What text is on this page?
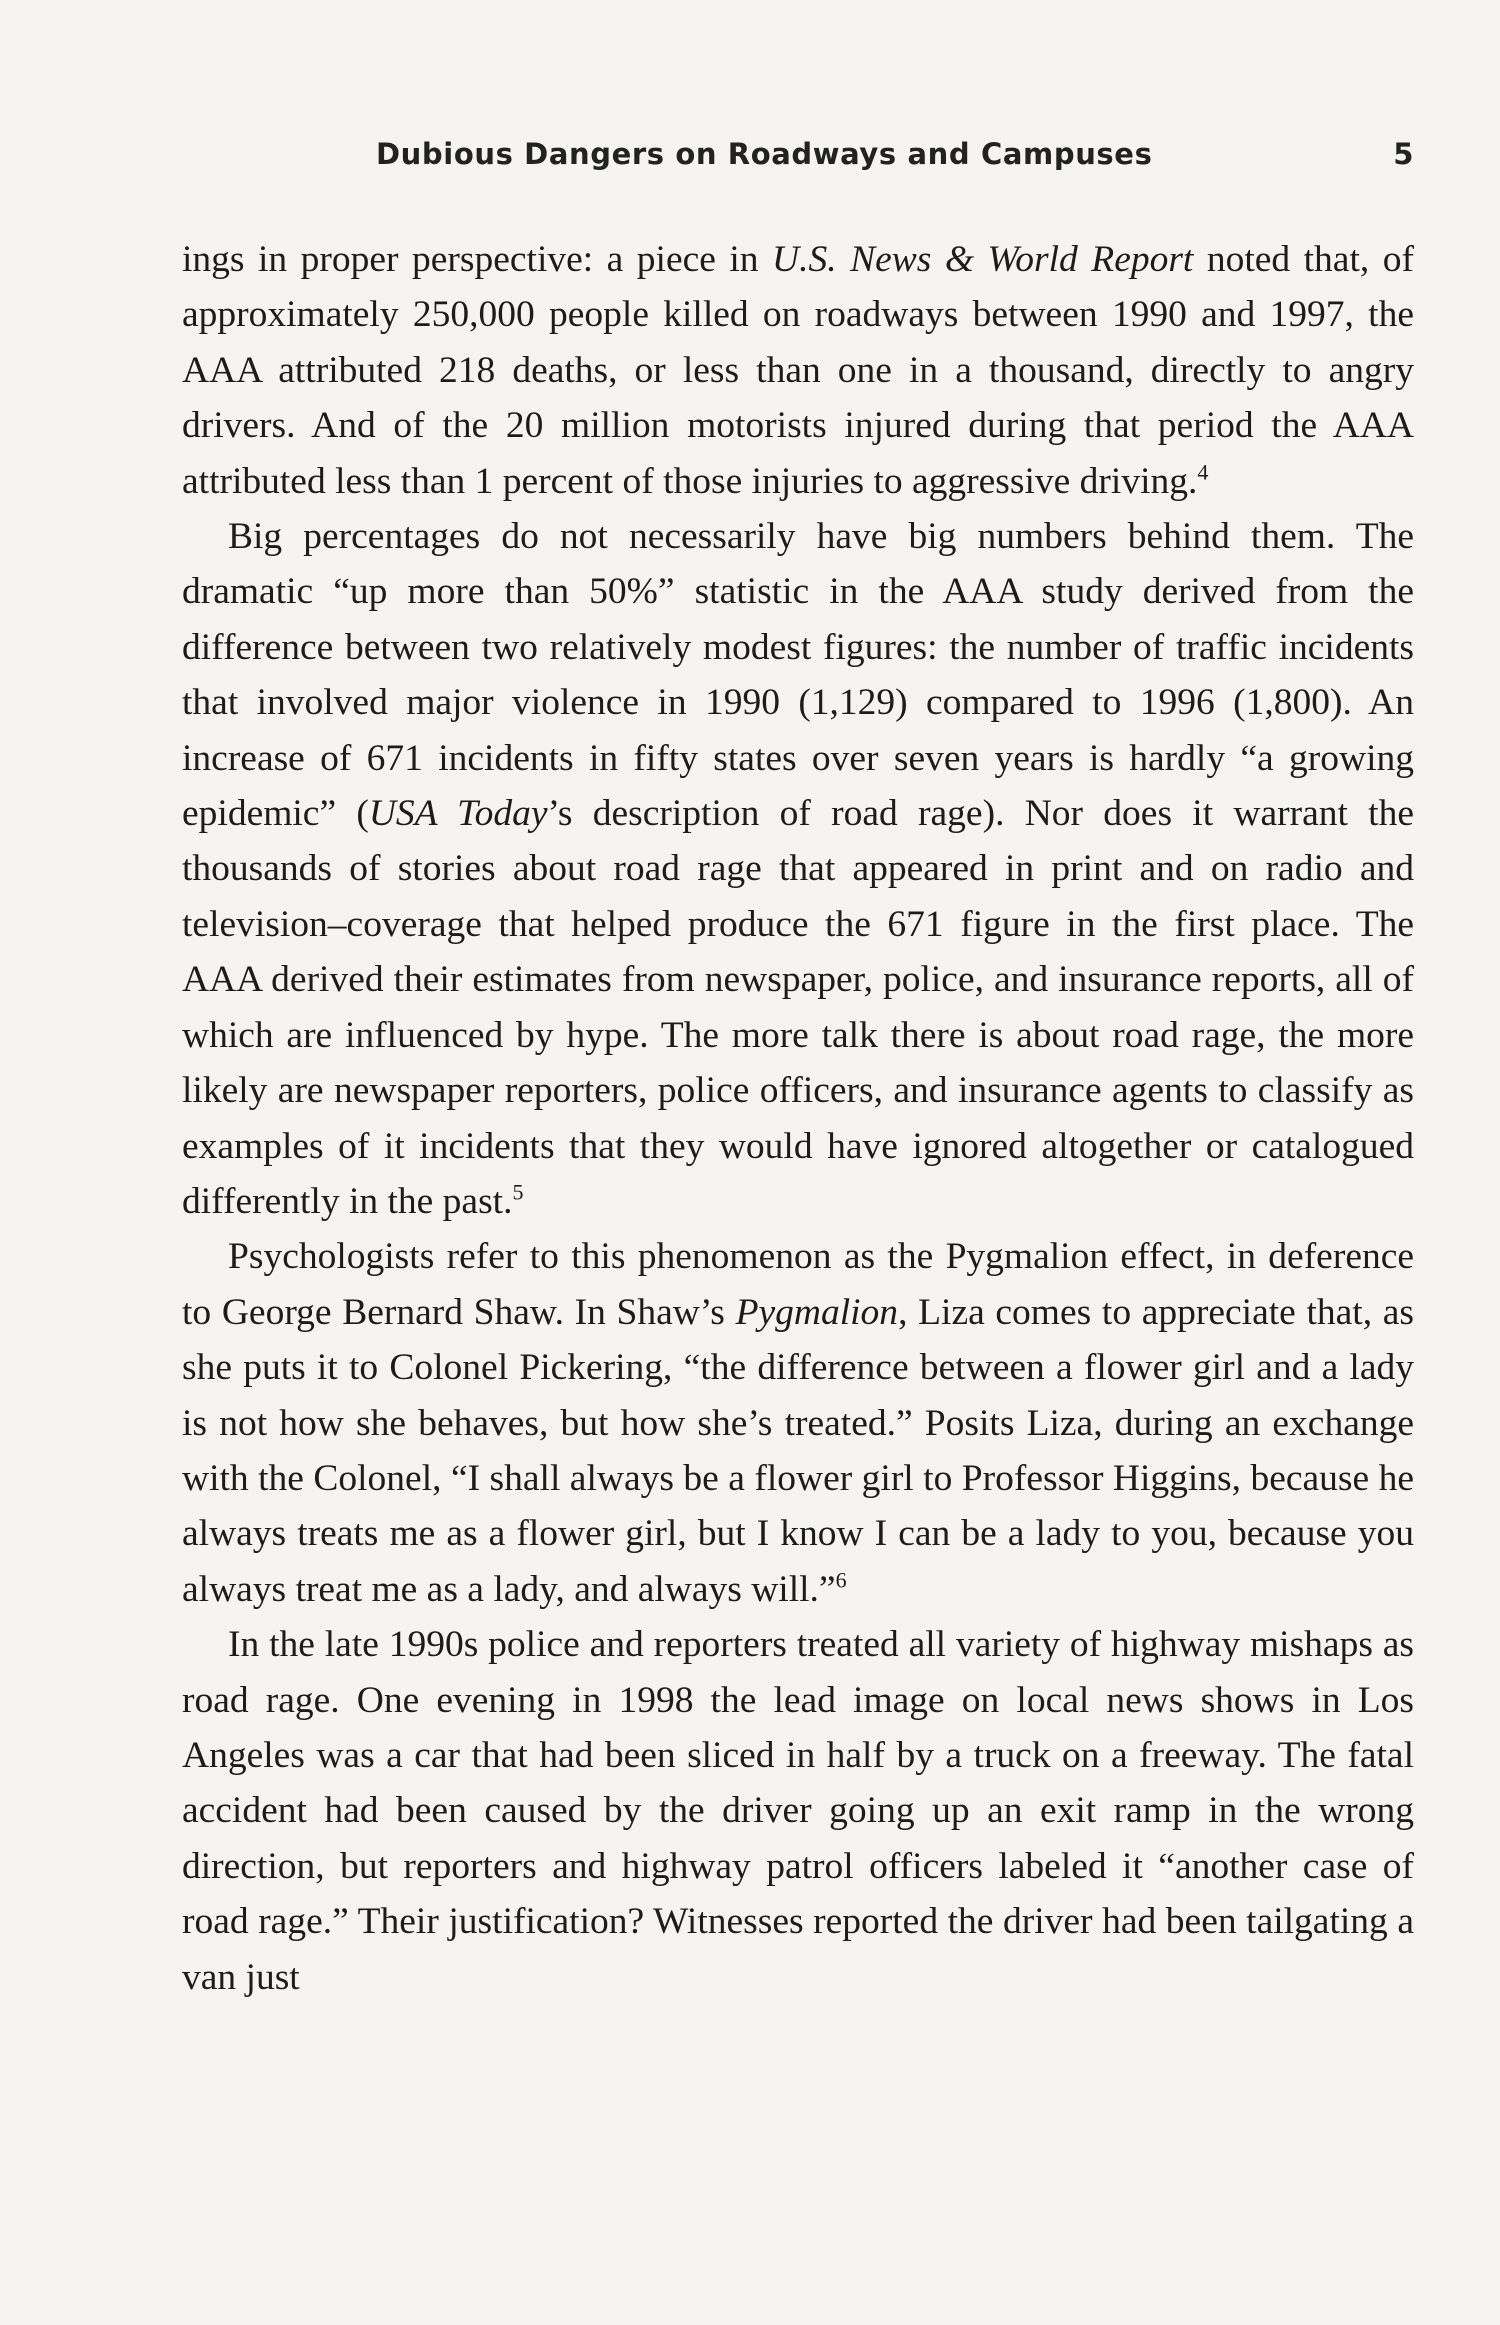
Dubious Dangers on Roadways and Campuses	5

ings in proper perspective: a piece in U.S. News & World Report noted that, of approximately 250,000 people killed on roadways between 1990 and 1997, the AAA attributed 218 deaths, or less than one in a thousand, directly to angry drivers. And of the 20 million motorists injured during that period the AAA attributed less than 1 percent of those injuries to aggressive driving.$^4$

Big percentages do not necessarily have big numbers behind them. The dramatic “up more than 50%” statistic in the AAA study derived from the difference between two relatively modest figures: the number of traffic incidents that involved major violence in 1990 (1,129) compared to 1996 (1,800). An increase of 671 incidents in fifty states over seven years is hardly “a growing epidemic” (USA Today’s description of road rage). Nor does it warrant the thousands of stories about road rage that appeared in print and on radio and television–coverage that helped produce the 671 figure in the first place. The AAA derived their estimates from newspaper, police, and insurance reports, all of which are influenced by hype. The more talk there is about road rage, the more likely are newspaper reporters, police officers, and insurance agents to classify as examples of it incidents that they would have ignored altogether or catalogued differently in the past.$^5$

Psychologists refer to this phenomenon as the Pygmalion effect, in deference to George Bernard Shaw. In Shaw’s Pygmalion, Liza comes to appreciate that, as she puts it to Colonel Pickering, “the difference between a flower girl and a lady is not how she behaves, but how she’s treated.” Posits Liza, during an exchange with the Colonel, “I shall always be a flower girl to Professor Higgins, because he always treats me as a flower girl, but I know I can be a lady to you, because you always treat me as a lady, and always will.”$^6$

In the late 1990s police and reporters treated all variety of highway mishaps as road rage. One evening in 1998 the lead image on local news shows in Los Angeles was a car that had been sliced in half by a truck on a freeway. The fatal accident had been caused by the driver going up an exit ramp in the wrong direction, but reporters and highway patrol officers labeled it “another case of road rage.” Their justification? Witnesses reported the driver had been tailgating a van just
